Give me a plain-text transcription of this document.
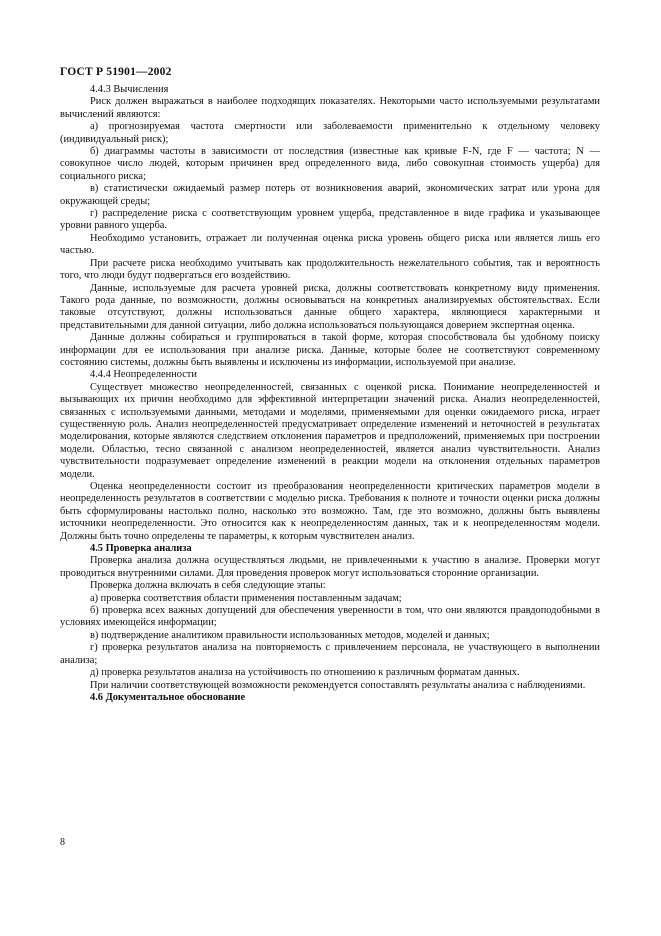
ГОСТ Р 51901—2002

4.4.3 Вычисления

Риск должен выражаться в наиболее подходящих показателях. Некоторыми часто используемыми результатами вычислений являются:

а) прогнозируемая частота смертности или заболеваемости применительно к отдельному человеку (индивидуальный риск);

б) диаграммы частоты в зависимости от последствия (известные как кривые F-N, где F — частота; N — совокупное число людей, которым причинен вред определенного вида, либо совокупная стоимость ущерба) для социального риска;

в) статистически ожидаемый размер потерь от возникновения аварий, экономических затрат или урона для окружающей среды;

г) распределение риска с соответствующим уровнем ущерба, представленное в виде графика и указывающее уровни равного ущерба.

Необходимо установить, отражает ли полученная оценка риска уровень общего риска или является лишь его частью.

При расчете риска необходимо учитывать как продолжительность нежелательного события, так и вероятность того, что люди будут подвергаться его воздействию.

Данные, используемые для расчета уровней риска, должны соответствовать конкретному виду применения. Такого рода данные, по возможности, должны основываться на конкретных анализируемых обстоятельствах. Если таковые отсутствуют, должны использоваться данные общего характера, являющиеся характерными и представительными для данной ситуации, либо должна использоваться пользующаяся доверием экспертная оценка.

Данные должны собираться и группироваться в такой форме, которая способствовала бы удобному поиску информации для ее использования при анализе риска. Данные, которые более не соответствуют современному состоянию системы, должны быть выявлены и исключены из информации, используемой при анализе.

4.4.4 Неопределенности

Существует множество неопределенностей, связанных с оценкой риска. Понимание неопределенностей и вызывающих их причин необходимо для эффективной интерпретации значений риска. Анализ неопределенностей, связанных с используемыми данными, методами и моделями, применяемыми для оценки ожидаемого риска, играет существенную роль. Анализ неопределенностей предусматривает определение изменений и неточностей в результатах моделирования, которые являются следствием отклонения параметров и предположений, применяемых при построении модели. Областью, тесно связанной с анализом неопределенностей, является анализ чувствительности. Анализ чувствительности подразумевает определение изменений в реакции модели на отклонения отдельных параметров модели.

Оценка неопределенности состоит из преобразования неопределенности критических параметров модели в неопределенность результатов в соответствии с моделью риска. Требования к полноте и точности оценки риска должны быть сформулированы настолько полно, насколько это возможно. Там, где это возможно, должны быть выявлены источники неопределенности. Это относится как к неопределенностям данных, так и к неопределенностям модели. Должны быть точно определены те параметры, к которым чувствителен анализ.

4.5 Проверка анализа

Проверка анализа должна осуществляться людьми, не привлеченными к участию в анализе. Проверки могут проводиться внутренними силами. Для проведения проверок могут использоваться сторонние организации.

Проверка должна включать в себя следующие этапы:

а) проверка соответствия области применения поставленным задачам;

б) проверка всех важных допущений для обеспечения уверенности в том, что они являются правдоподобными в условиях имеющейся информации;

в) подтверждение аналитиком правильности использованных методов, моделей и данных;

г) проверка результатов анализа на повторяемость с привлечением персонала, не участвующего в выполнении анализа;

д) проверка результатов анализа на устойчивость по отношению к различным форматам данных.

При наличии соответствующей возможности рекомендуется сопоставлять результаты анализа с наблюдениями.

4.6 Документальное обоснование

8
